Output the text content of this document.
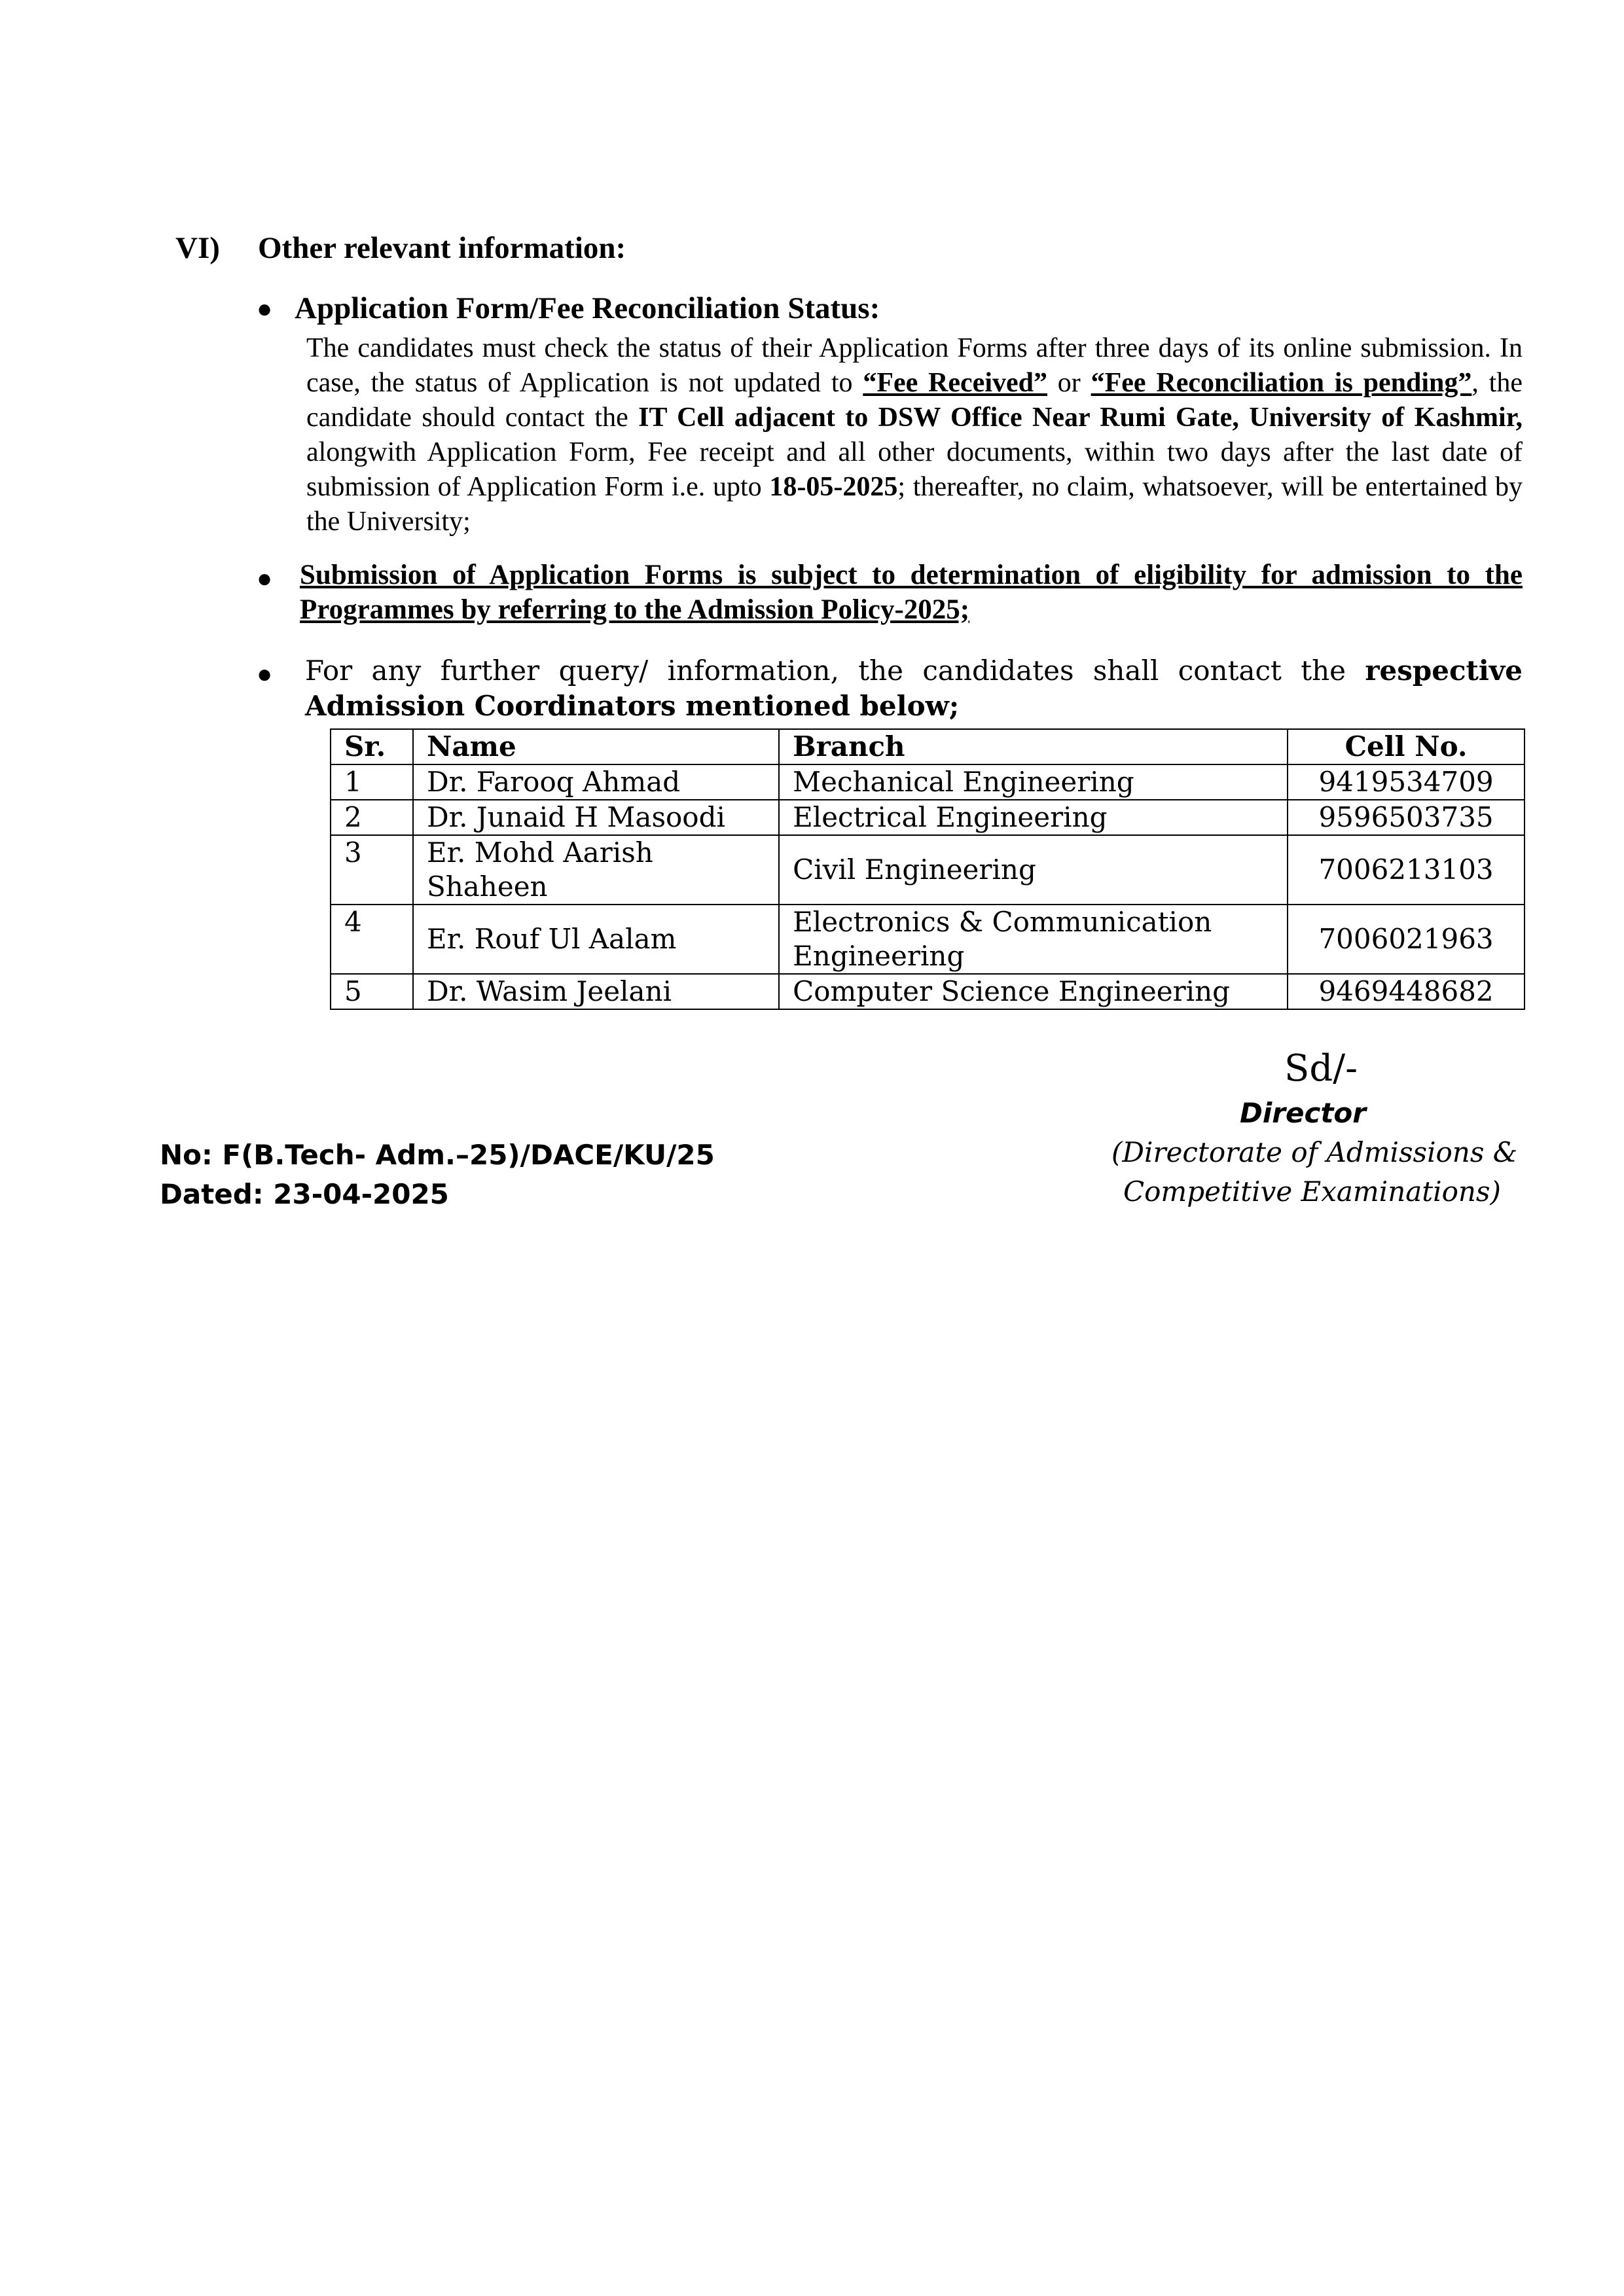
VI) Other relevant information:
● Application Form/Fee Reconciliation Status:
The candidates must check the status of their Application Forms after three days of its online submission. In case, the status of Application is not updated to “Fee Received” or “Fee Reconciliation is pending”, the candidate should contact the IT Cell adjacent to DSW Office Near Rumi Gate, University of Kashmir, alongwith Application Form, Fee receipt and all other documents, within two days after the last date of submission of Application Form i.e. upto 18-05-2025; thereafter, no claim, whatsoever, will be entertained by the University;
● Submission of Application Forms is subject to determination of eligibility for admission to the Programmes by referring to the Admission Policy-2025;
● For any further query/ information, the candidates shall contact the respective Admission Coordinators mentioned below;
Sr.	Name	Branch	Cell No.
1	Dr. Farooq Ahmad	Mechanical Engineering	9419534709
2	Dr. Junaid H Masoodi	Electrical Engineering	9596503735
3	Er. Mohd Aarish Shaheen	Civil Engineering	7006213103
4	Er. Rouf Ul Aalam	Electronics & Communication Engineering	7006021963
5	Dr. Wasim Jeelani	Computer Science Engineering	9469448682
Sd/-
Director
(Directorate of Admissions &
Competitive Examinations)
No: F(B.Tech- Adm.–25)/DACE/KU/25
Dated: 23-04-2025
